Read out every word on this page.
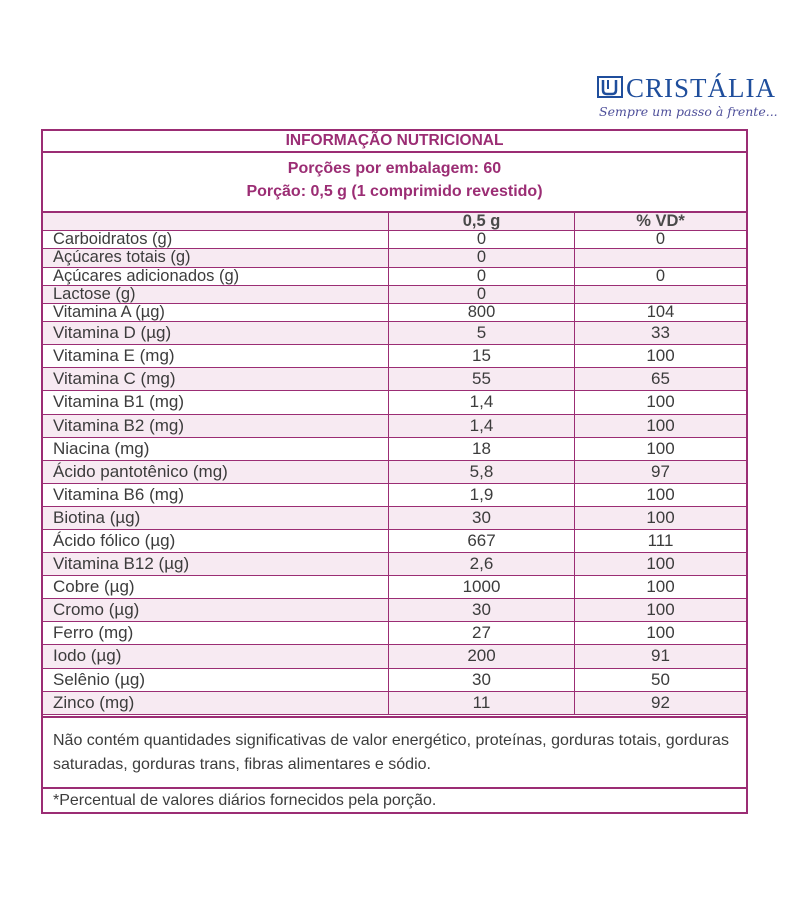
CRISTÁLIA
Sempre um passo à frente...
INFORMAÇÃO NUTRICIONAL
Porções por embalagem: 60
Porção: 0,5 g (1 comprimido revestido)
0,5 g	% VD*
Carboidratos (g)	0	0
Açúcares totais (g)	0
Açúcares adicionados (g)	0	0
Lactose (g)	0
Vitamina A (µg)	800	104
Vitamina D (µg)	5	33
Vitamina E (mg)	15	100
Vitamina C (mg)	55	65
Vitamina B1 (mg)	1,4	100
Vitamina B2 (mg)	1,4	100
Niacina (mg)	18	100
Ácido pantotênico (mg)	5,8	97
Vitamina B6 (mg)	1,9	100
Biotina (µg)	30	100
Ácido fólico (µg)	667	111
Vitamina B12 (µg)	2,6	100
Cobre (µg)	1000	100
Cromo (µg)	30	100
Ferro (mg)	27	100
Iodo (µg)	200	91
Selênio (µg)	30	50
Zinco (mg)	11	92
Não contém quantidades significativas de valor energético, proteínas, gorduras totais, gorduras saturadas, gorduras trans, fibras alimentares e sódio.
*Percentual de valores diários fornecidos pela porção.
